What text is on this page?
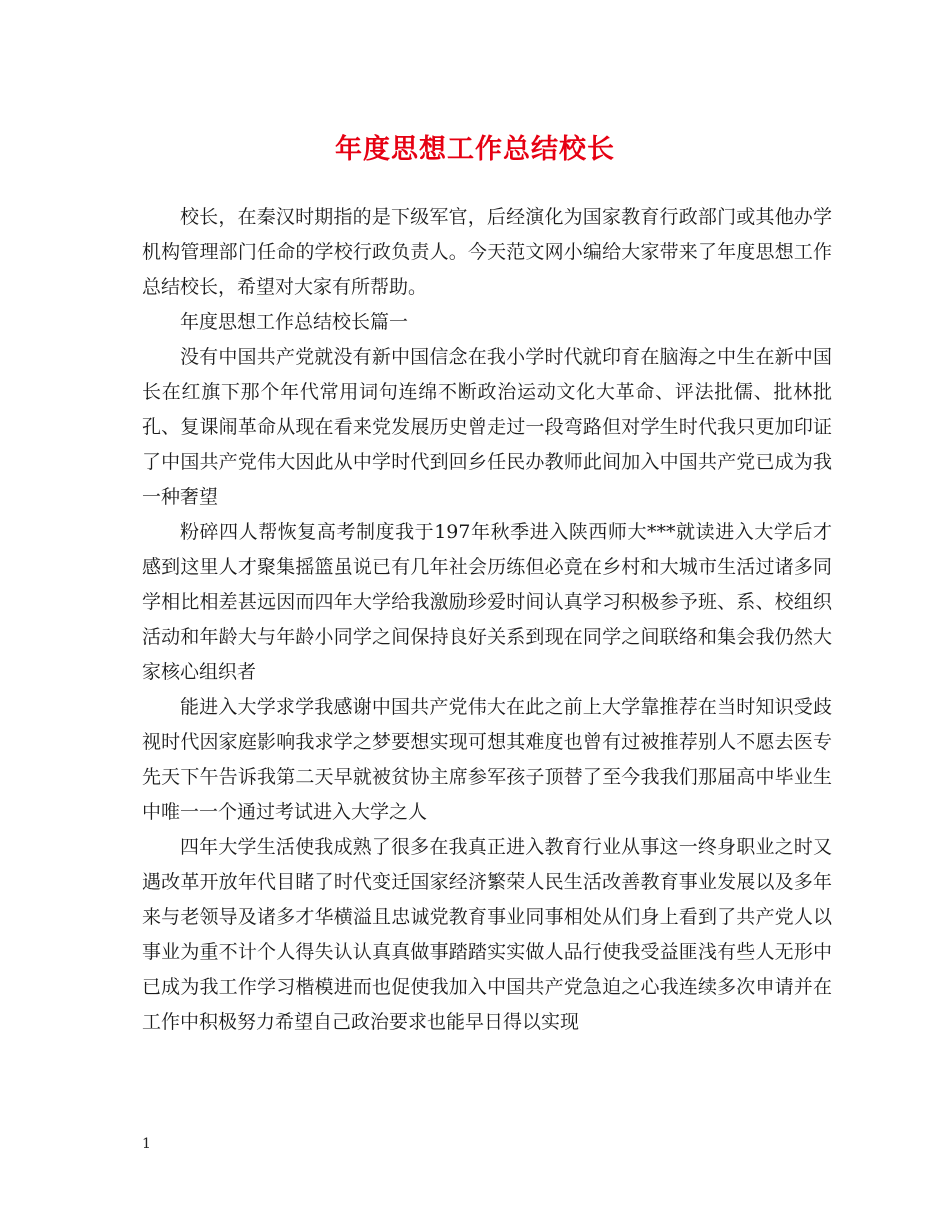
年度思想工作总结校长

校长，在秦汉时期指的是下级军官，后经演化为国家教育行政部门或其他办学机构管理部门任命的学校行政负责人。今天范文网小编给大家带来了年度思想工作总结校长，希望对大家有所帮助。

年度思想工作总结校长篇一

没有中国共产党就没有新中国信念在我小学时代就印育在脑海之中生在新中国长在红旗下那个年代常用词句连绵不断政治运动文化大革命、评法批儒、批林批孔、复课闹革命从现在看来党发展历史曾走过一段弯路但对学生时代我只更加印证了中国共产党伟大因此从中学时代到回乡任民办教师此间加入中国共产党已成为我一种奢望

粉碎四人帮恢复高考制度我于197年秋季进入陕西师大***就读进入大学后才感到这里人才聚集摇篮虽说已有几年社会历练但必竟在乡村和大城市生活过诸多同学相比相差甚远因而四年大学给我激励珍爱时间认真学习积极参予班、系、校组织活动和年龄大与年龄小同学之间保持良好关系到现在同学之间联络和集会我仍然大家核心组织者

能进入大学求学我感谢中国共产党伟大在此之前上大学靠推荐在当时知识受歧视时代因家庭影响我求学之梦要想实现可想其难度也曾有过被推荐别人不愿去医专先天下午告诉我第二天早就被贫协主席参军孩子顶替了至今我我们那届高中毕业生中唯一一个通过考试进入大学之人

四年大学生活使我成熟了很多在我真正进入教育行业从事这一终身职业之时又遇改革开放年代目睹了时代变迁国家经济繁荣人民生活改善教育事业发展以及多年来与老领导及诸多才华横溢且忠诚党教育事业同事相处从们身上看到了共产党人以事业为重不计个人得失认认真真做事踏踏实实做人品行使我受益匪浅有些人无形中已成为我工作学习楷模进而也促使我加入中国共产党急迫之心我连续多次申请并在工作中积极努力希望自己政治要求也能早日得以实现

1
